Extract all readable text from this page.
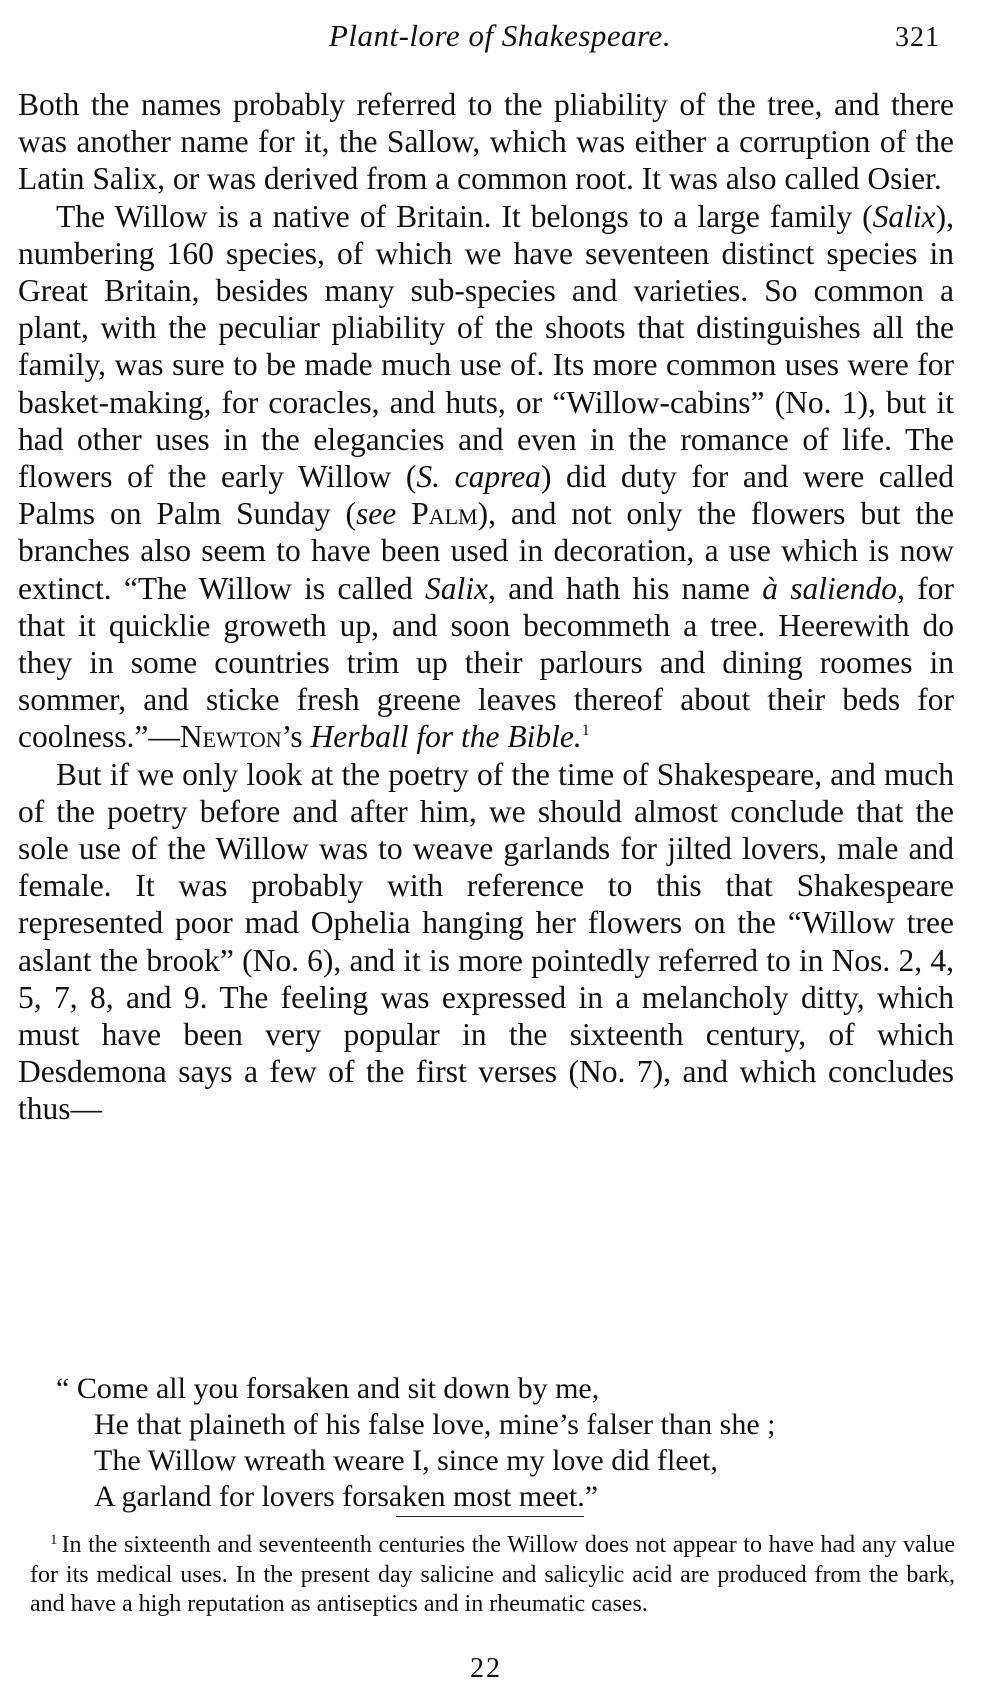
Plant-lore of Shakespeare.	321

Both the names probably referred to the pliability of the tree, and there was another name for it, the Sallow, which was either a corruption of the Latin Salix, or was derived from a common root. It was also called Osier.

The Willow is a native of Britain. It belongs to a large family (Salix), numbering 160 species, of which we have seventeen distinct species in Great Britain, besides many sub-species and varieties. So common a plant, with the peculiar pliability of the shoots that distinguishes all the family, was sure to be made much use of. Its more common uses were for basket-making, for coracles, and huts, or “Willow-cabins” (No. 1), but it had other uses in the elegancies and even in the romance of life. The flowers of the early Willow (S. caprea) did duty for and were called Palms on Palm Sunday (see Palm), and not only the flowers but the branches also seem to have been used in decoration, a use which is now extinct. “The Willow is called Salix, and hath his name à saliendo, for that it quicklie groweth up, and soon becommeth a tree. Heerewith do they in some countries trim up their parlours and dining roomes in sommer, and sticke fresh greene leaves thereof about their beds for coolness.”—Newton’s Herball for the Bible.$^1$

But if we only look at the poetry of the time of Shakespeare, and much of the poetry before and after him, we should almost conclude that the sole use of the Willow was to weave garlands for jilted lovers, male and female. It was probably with reference to this that Shakespeare represented poor mad Ophelia hanging her flowers on the “Willow tree aslant the brook” (No. 6), and it is more pointedly referred to in Nos. 2, 4, 5, 7, 8, and 9. The feeling was expressed in a melancholy ditty, which must have been very popular in the sixteenth century, of which Desdemona says a few of the first verses (No. 7), and which concludes thus—

“ Come all you forsaken and sit down by me,
He that plaineth of his false love, mine’s falser than she ;
The Willow wreath weare I, since my love did fleet,
A garland for lovers forsaken most meet.”
$^1$ In the sixteenth and seventeenth centuries the Willow does not appear to have had any value for its medical uses. In the present day salicine and salicylic acid are produced from the bark, and have a high reputation as antiseptics and in rheumatic cases.
22
